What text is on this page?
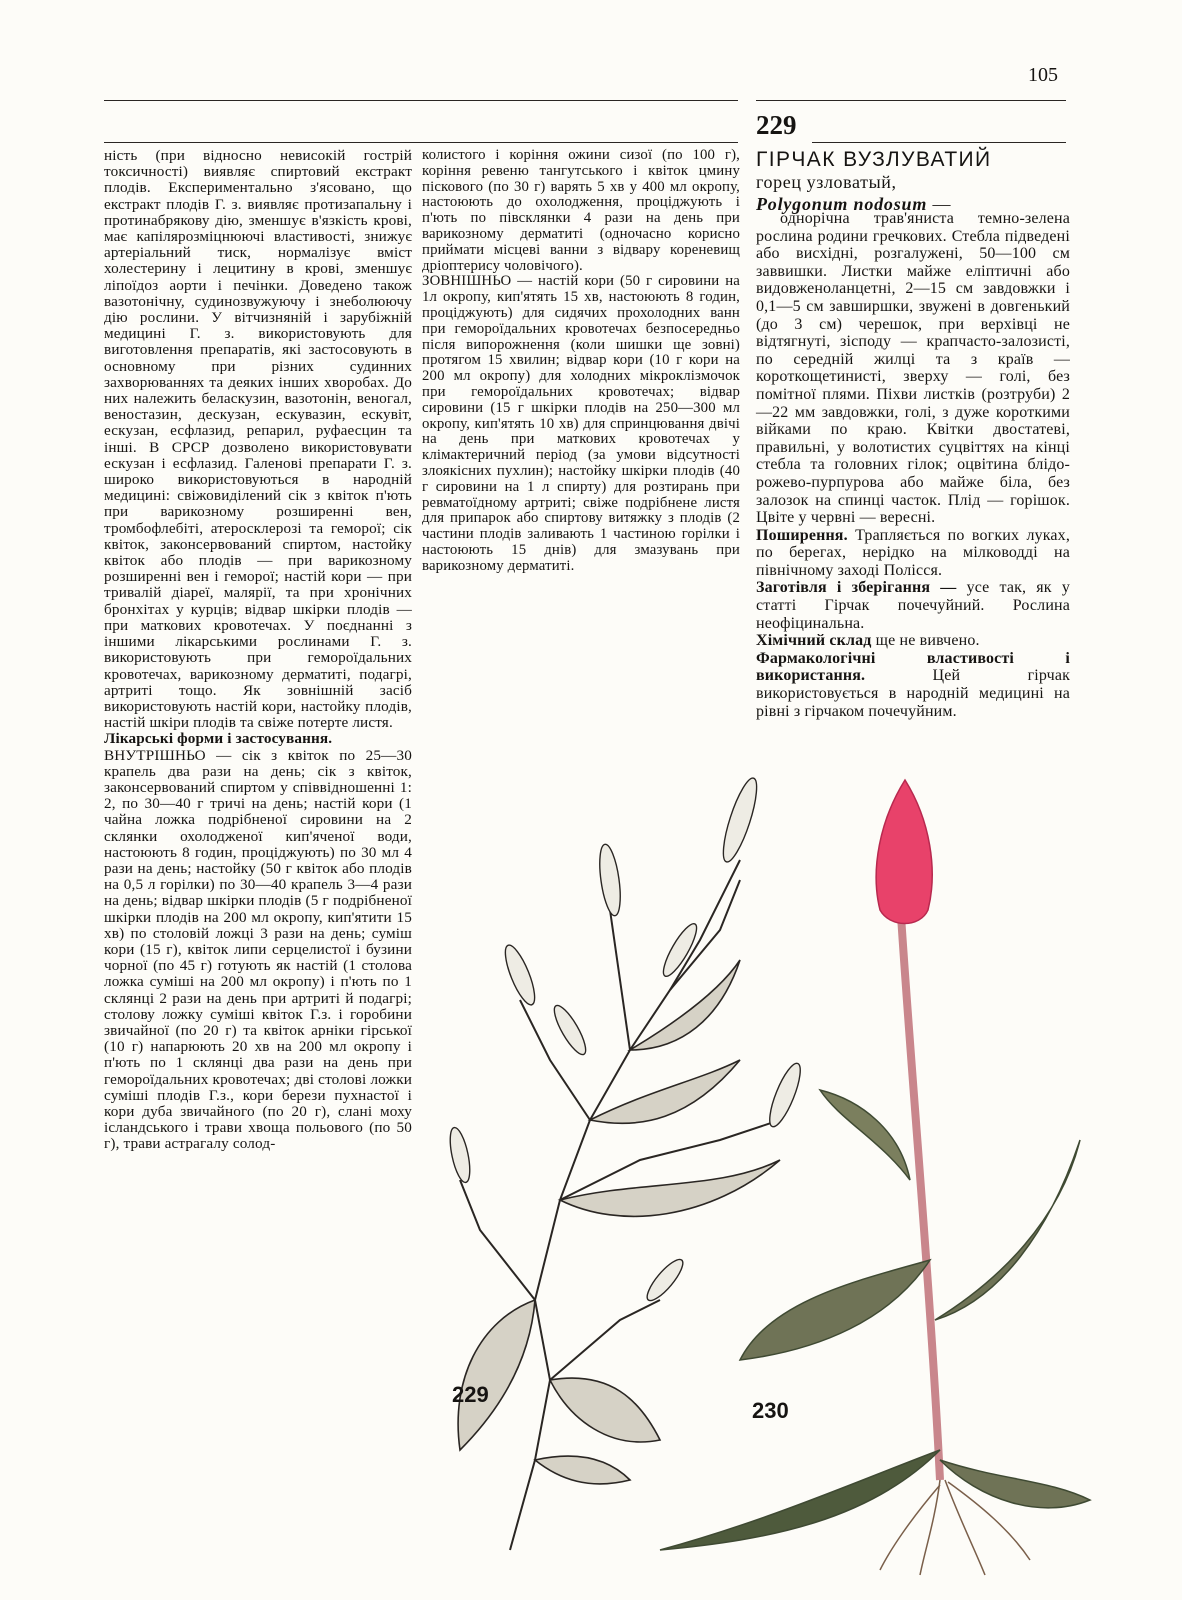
105

ність (при відносно невисокій гострій токсичності) виявляє спиртовий екстракт плодів. Експериментально з'ясовано, що екстракт плодів Г. з. виявляє протизапальну і протинабрякову дію, зменшує в'язкість крові, має капілярозміцнюючі властивості, знижує артеріальний тиск, нормалізує вміст холестерину і лецитину в крові, зменшує ліпоїдоз аорти і печінки. Доведено також вазотонічну, судинозвужуючу і знеболюючу дію рослини. У вітчизняній і зарубіжній медицині Г. з. використовують для виготовлення препаратів, які застосовують в основному при різних судинних захворюваннях та деяких інших хворобах. До них належить беласкузин, вазотонін, веногал, веностазин, дескузан, ескувазин, ескувіт, ескузан, есфлазид, репарил, руфаесцин та інші. В СРСР дозволено використовувати ескузан і есфлазид. Галенові препарати Г. з. широко використовуються в народній медицині: свіжовиділений сік з квіток п'ють при варикозному розширенні вен, тромбофлебіті, атеросклерозі та геморої; сік квіток, законсервований спиртом, настойку квіток або плодів — при варикозному розширенні вен і геморої; настій кори — при тривалій діареї, малярії, та при хронічних бронхітах у курців; відвар шкірки плодів — при маткових кровотечах. У поєднанні з іншими лікарськими рослинами Г. з. використовують при геморoїдальних кровотечах, варикозному дерматиті, подагрі, артриті тощо. Як зовнішній засіб використовують настій кори, настойку плодів, настій шкіри плодів та свіже потерте листя.

Лікарські форми і застосування.
ВНУТРІШНЬО — сік з квіток по 25—30 крапель два рази на день; сік з квіток, законсервований спиртом у співвідношенні 1: 2, по 30—40 г тричі на день; настій кори (1 чайна ложка подрібненої сировини на 2 склянки охолодженої кип'яченої води, настоюють 8 годин, проціджують) по 30 мл 4 рази на день; настойку (50 г квіток або плодів на 0,5 л горілки) по 30—40 крапель 3—4 рази на день; відвар шкірки плодів (5 г подрібненої шкірки плодів на 200 мл окропу, кип'ятити 15 хв) по столовій ложці 3 рази на день; суміш кори (15 г), квіток липи серцелистої і бузини чорної (по 45 г) готують як настій (1 столова ложка суміші на 200 мл окропу) і п'ють по 1 склянці 2 рази на день при артриті й подагрі; столову ложку суміші квіток Г.з. і горобини звичайної (по 20 г) та квіток арніки гірської (10 г) напарюють 20 хв на 200 мл окропу і п'ють по 1 склянці два рази на день при геморoїдальних кровотечах; дві столові ложки суміші плодів Г.з., кори берези пухнастої і кори дуба звичайного (по 20 г), слані моху ісландського і трави хвоща польового (по 50 г), трави астрагалу солод-

колистого і коріння ожини сизої (по 100 г), коріння ревеню тангутського і квіток цмину піскового (по 30 г) варять 5 хв у 400 мл окропу, настоюють до охолодження, проціджують і п'ють по півсклянки 4 рази на день при варикозному дерматиті (одночасно корисно приймати місцеві ванни з відвару кореневищ дріоптерису чоловічого).

ЗОВНІШНЬО — настій кори (50 г сировини на 1л окропу, кип'ятять 15 хв, настоюють 8 годин, проціджують) для сидячих прохолодних ванн при геморoїдальних кровотечах безпосередньо після випорожнення (коли шишки ще зовні) протягом 15 хвилин; відвар кори (10 г кори на 200 мл окропу) для холодних мікроклізмочок при геморoїдальних кровотечах; відвар сировини (15 г шкірки плодів на 250—300 мл окропу, кип'ятять 10 хв) для спринцювання двічі на день при маткових кровотечах у клімактеричний період (за умови відсутності злоякісних пухлин); настойку шкірки плодів (40 г сировини на 1 л спирту) для розтирань при ревматоїдному артриті; свіже подрібнене листя для припарок або спиртову витяжку з плодів (2 частини плодів заливають 1 частиною горілки і настоюють 15 днів) для змазувань при варикозному дерматиті.

229
ГІРЧАК ВУЗЛУВАТИЙ
горец узловатый,
Polygonum nodosum —

однорічна трав'яниста темно-зелена рослина родини гречкових. Стебла підведені або висхідні, розгалужені, 50—100 см заввишки. Листки майже еліптичні або видовженоланцетні, 2—15 см завдовжки і 0,1—5 см завширшки, звужені в довгенький (до 3 см) черешок, при верхівці не відтягнуті, зісподу — крапчасто-залозисті, по середній жилці та з країв — короткощетинисті, зверху — голі, без помітної плями. Піхви листків (розтруби) 2—22 мм завдовжки, голі, з дуже короткими війками по краю. Квітки двостатеві, правильні, у волотистих суцвіттях на кінці стебла та головних гілок; оцвітина блідо-рожево-пурпурова або майже біла, без залозок на спинці часток. Плід — горішок. Цвіте у червні — вересні.

Поширення. Трапляється по вогких луках, по берегах, нерідко на мілководді на північному заході Полісся.

Заготівля і зберігання — усе так, як у статті Гірчак почечуйний. Рослина неофіцинальна.

Хімічний склад ще не вивчено.

Фармакологічні властивості і використання.	Цей гірчак використовується в народній медицині на рівні з гірчаком почечуйним.

229
230
